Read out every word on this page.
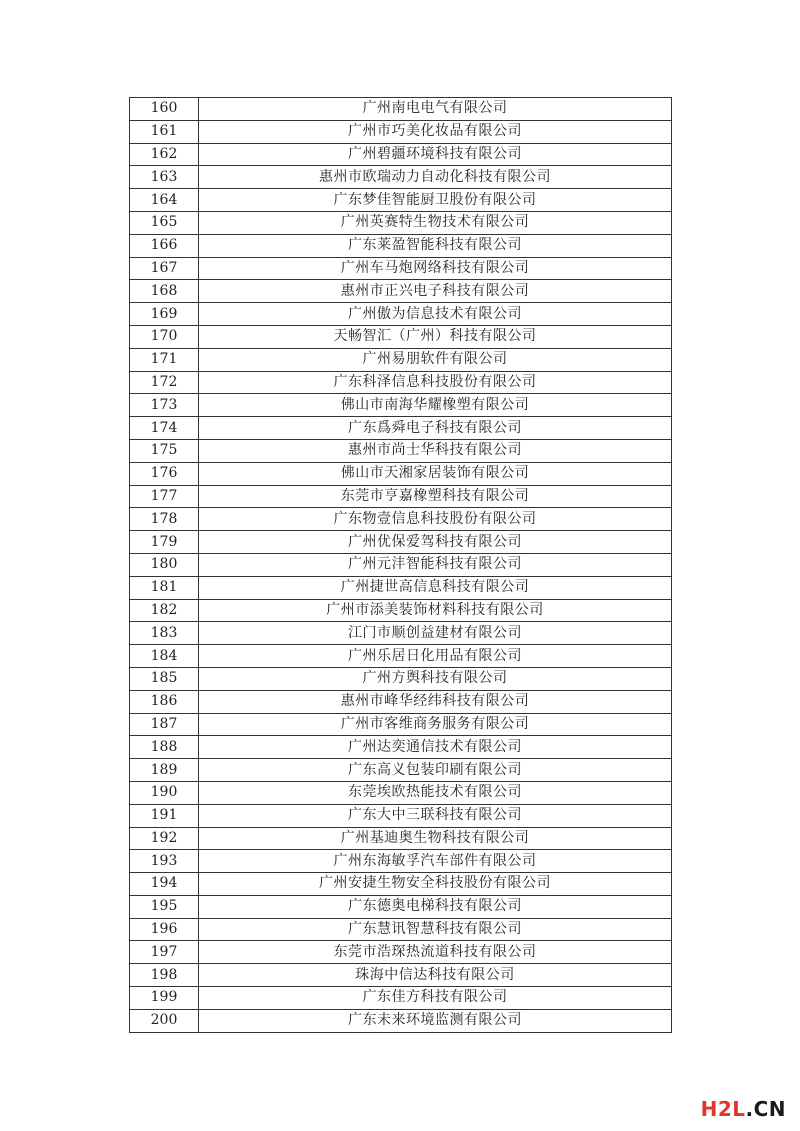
160	广州南电电气有限公司
161	广州市巧美化妆品有限公司
162	广州碧疆环境科技有限公司
163	惠州市欧瑞动力自动化科技有限公司
164	广东梦佳智能厨卫股份有限公司
165	广州英赛特生物技术有限公司
166	广东莱盈智能科技有限公司
167	广州车马炮网络科技有限公司
168	惠州市正兴电子科技有限公司
169	广州傲为信息技术有限公司
170	天畅智汇（广州）科技有限公司
171	广州易朋软件有限公司
172	广东科泽信息科技股份有限公司
173	佛山市南海华耀橡塑有限公司
174	广东爲舜电子科技有限公司
175	惠州市尚士华科技有限公司
176	佛山市天湘家居装饰有限公司
177	东莞市亨嘉橡塑科技有限公司
178	广东物壹信息科技股份有限公司
179	广州优保爱驾科技有限公司
180	广州元沣智能科技有限公司
181	广州捷世高信息科技有限公司
182	广州市添美装饰材料科技有限公司
183	江门市顺创益建材有限公司
184	广州乐居日化用品有限公司
185	广州方舆科技有限公司
186	惠州市峰华经纬科技有限公司
187	广州市客维商务服务有限公司
188	广州达奕通信技术有限公司
189	广东高义包装印刷有限公司
190	东莞埃欧热能技术有限公司
191	广东大中三联科技有限公司
192	广州基迪奥生物科技有限公司
193	广州东海敏孚汽车部件有限公司
194	广州安捷生物安全科技股份有限公司
195	广东德奥电梯科技有限公司
196	广东慧讯智慧科技有限公司
197	东莞市浩琛热流道科技有限公司
198	珠海中信达科技有限公司
199	广东佳方科技有限公司
200	广东未来环境监测有限公司
H2L.CN
